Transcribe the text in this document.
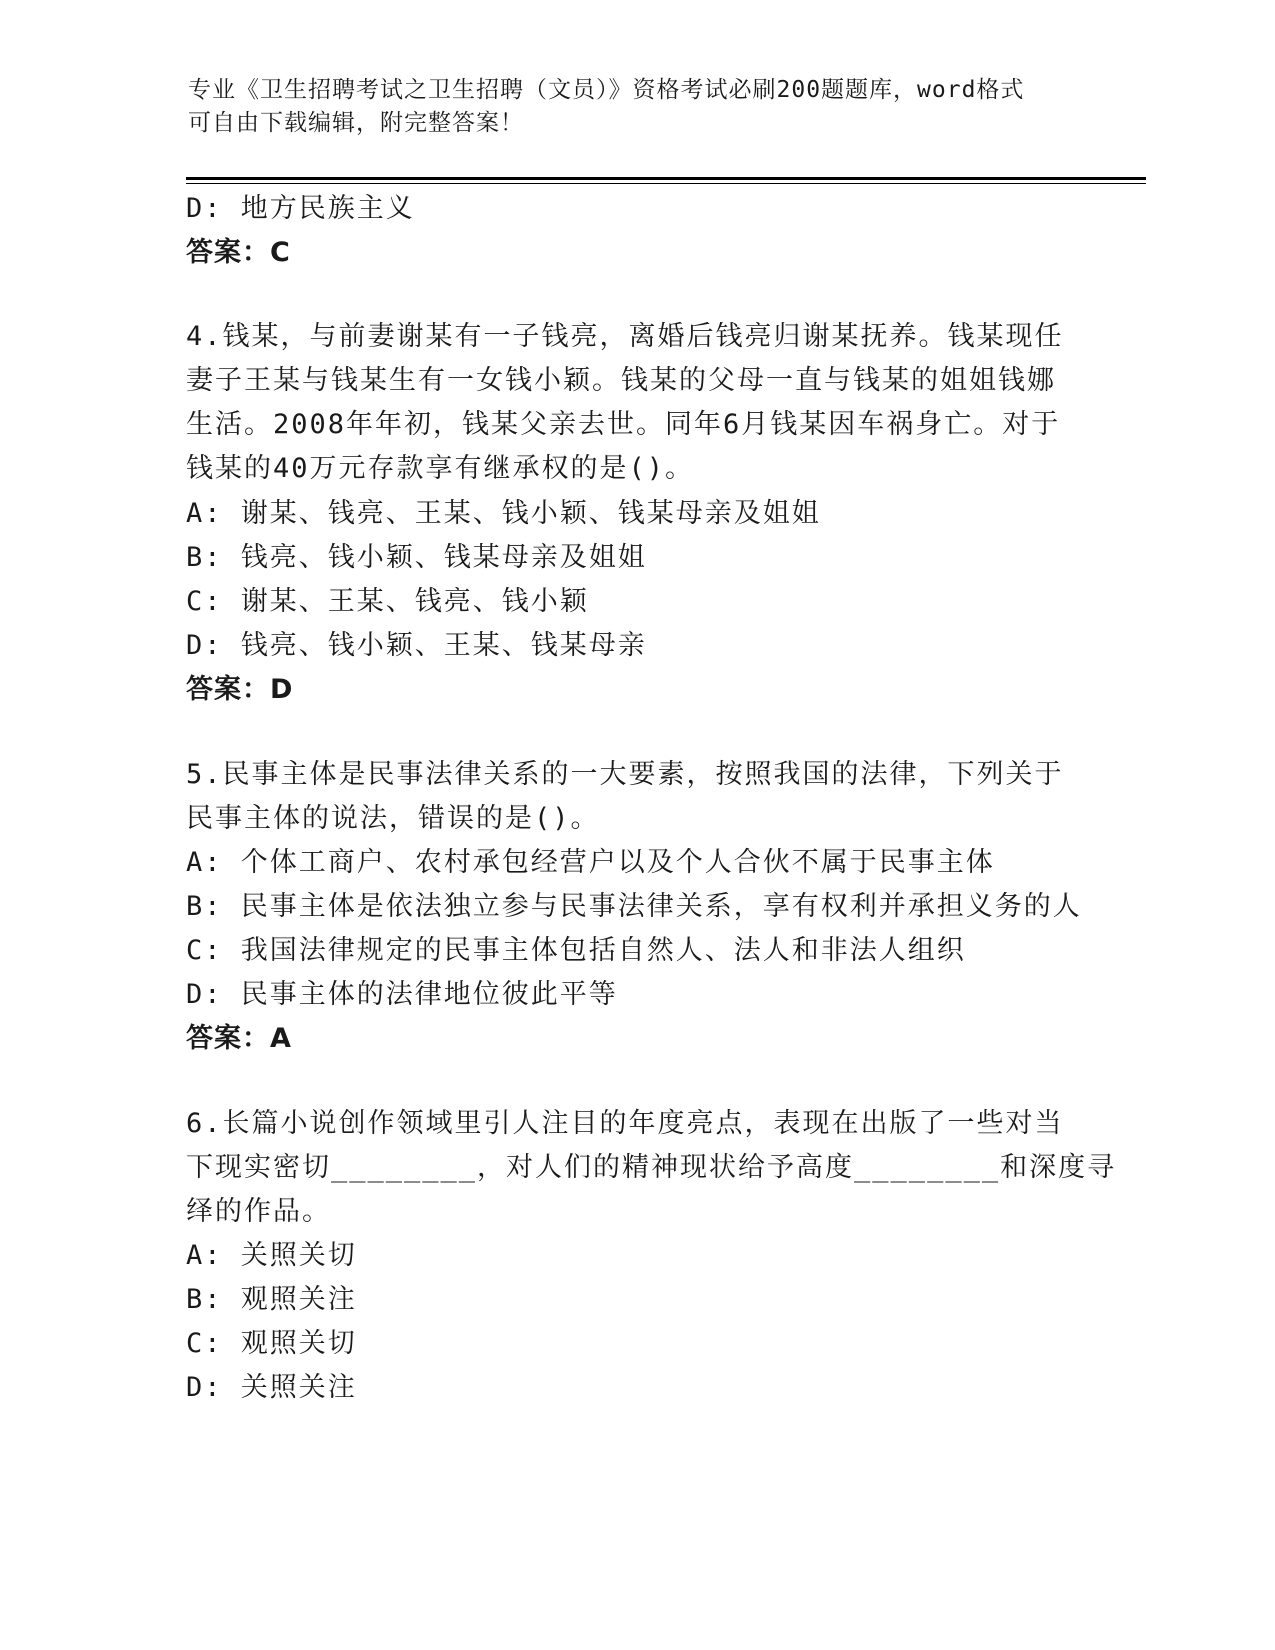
专业《卫生招聘考试之卫生招聘（文员）》资格考试必刷200题题库，word格式
可自由下载编辑，附完整答案！
D: 地方民族主义
答案：C
4.钱某，与前妻谢某有一子钱亮，离婚后钱亮归谢某抚养。钱某现任
妻子王某与钱某生有一女钱小颖。钱某的父母一直与钱某的姐姐钱娜
生活。2008年年初，钱某父亲去世。同年6月钱某因车祸身亡。对于
钱某的40万元存款享有继承权的是()。
A: 谢某、钱亮、王某、钱小颖、钱某母亲及姐姐
B: 钱亮、钱小颖、钱某母亲及姐姐
C: 谢某、王某、钱亮、钱小颖
D: 钱亮、钱小颖、王某、钱某母亲
答案：D
5.民事主体是民事法律关系的一大要素，按照我国的法律，下列关于
民事主体的说法，错误的是()。
A: 个体工商户、农村承包经营户以及个人合伙不属于民事主体
B: 民事主体是依法独立参与民事法律关系，享有权利并承担义务的人
C: 我国法律规定的民事主体包括自然人、法人和非法人组织
D: 民事主体的法律地位彼此平等
答案：A
6.长篇小说创作领域里引人注目的年度亮点，表现在出版了一些对当
下现实密切________，对人们的精神现状给予高度________和深度寻
绎的作品。
A: 关照关切
B: 观照关注
C: 观照关切
D: 关照关注
